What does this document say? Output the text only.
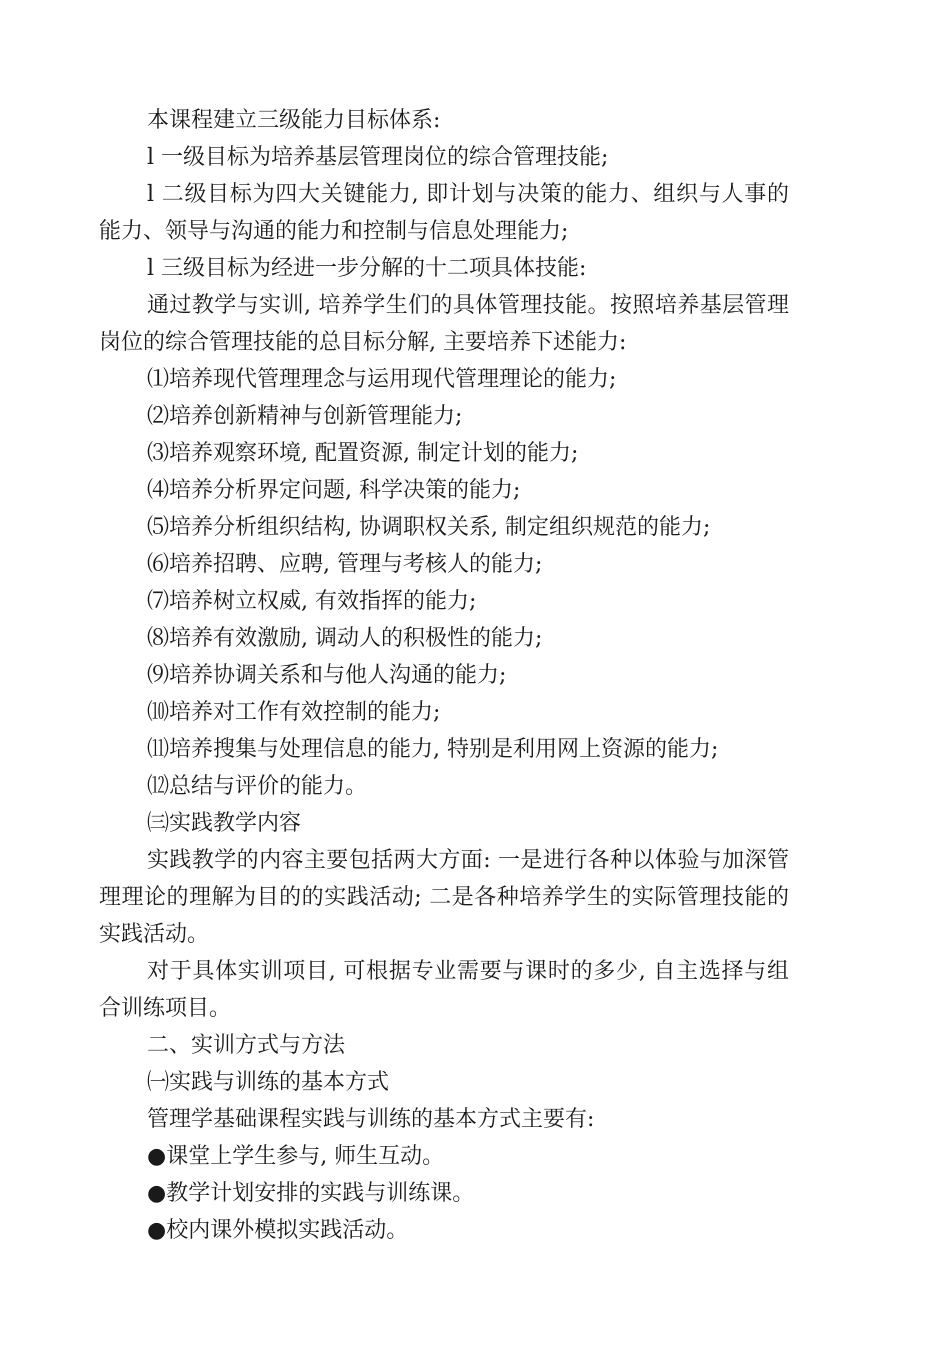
本课程建立三级能力目标体系:

l 一级目标为培养基层管理岗位的综合管理技能;

l 二级目标为四大关键能力, 即计划与决策的能力、组织与人事的能力、领导与沟通的能力和控制与信息处理能力;

l 三级目标为经进一步分解的十二项具体技能:

通过教学与实训, 培养学生们的具体管理技能。按照培养基层管理岗位的综合管理技能的总目标分解, 主要培养下述能力:

⑴培养现代管理理念与运用现代管理理论的能力;

⑵培养创新精神与创新管理能力;

⑶培养观察环境, 配置资源, 制定计划的能力;

⑷培养分析界定问题, 科学决策的能力;

⑸培养分析组织结构, 协调职权关系, 制定组织规范的能力;

⑹培养招聘、应聘, 管理与考核人的能力;

⑺培养树立权威, 有效指挥的能力;

⑻培养有效激励, 调动人的积极性的能力;

⑼培养协调关系和与他人沟通的能力;

⑽培养对工作有效控制的能力;

⑾培养搜集与处理信息的能力, 特别是利用网上资源的能力;

⑿总结与评价的能力。

㈢实践教学内容

实践教学的内容主要包括两大方面: 一是进行各种以体验与加深管理理论的理解为目的的实践活动; 二是各种培养学生的实际管理技能的实践活动。

对于具体实训项目, 可根据专业需要与课时的多少, 自主选择与组合训练项目。

二、实训方式与方法

㈠实践与训练的基本方式

管理学基础课程实践与训练的基本方式主要有:

●课堂上学生参与, 师生互动。

●教学计划安排的实践与训练课。

●校内课外模拟实践活动。
